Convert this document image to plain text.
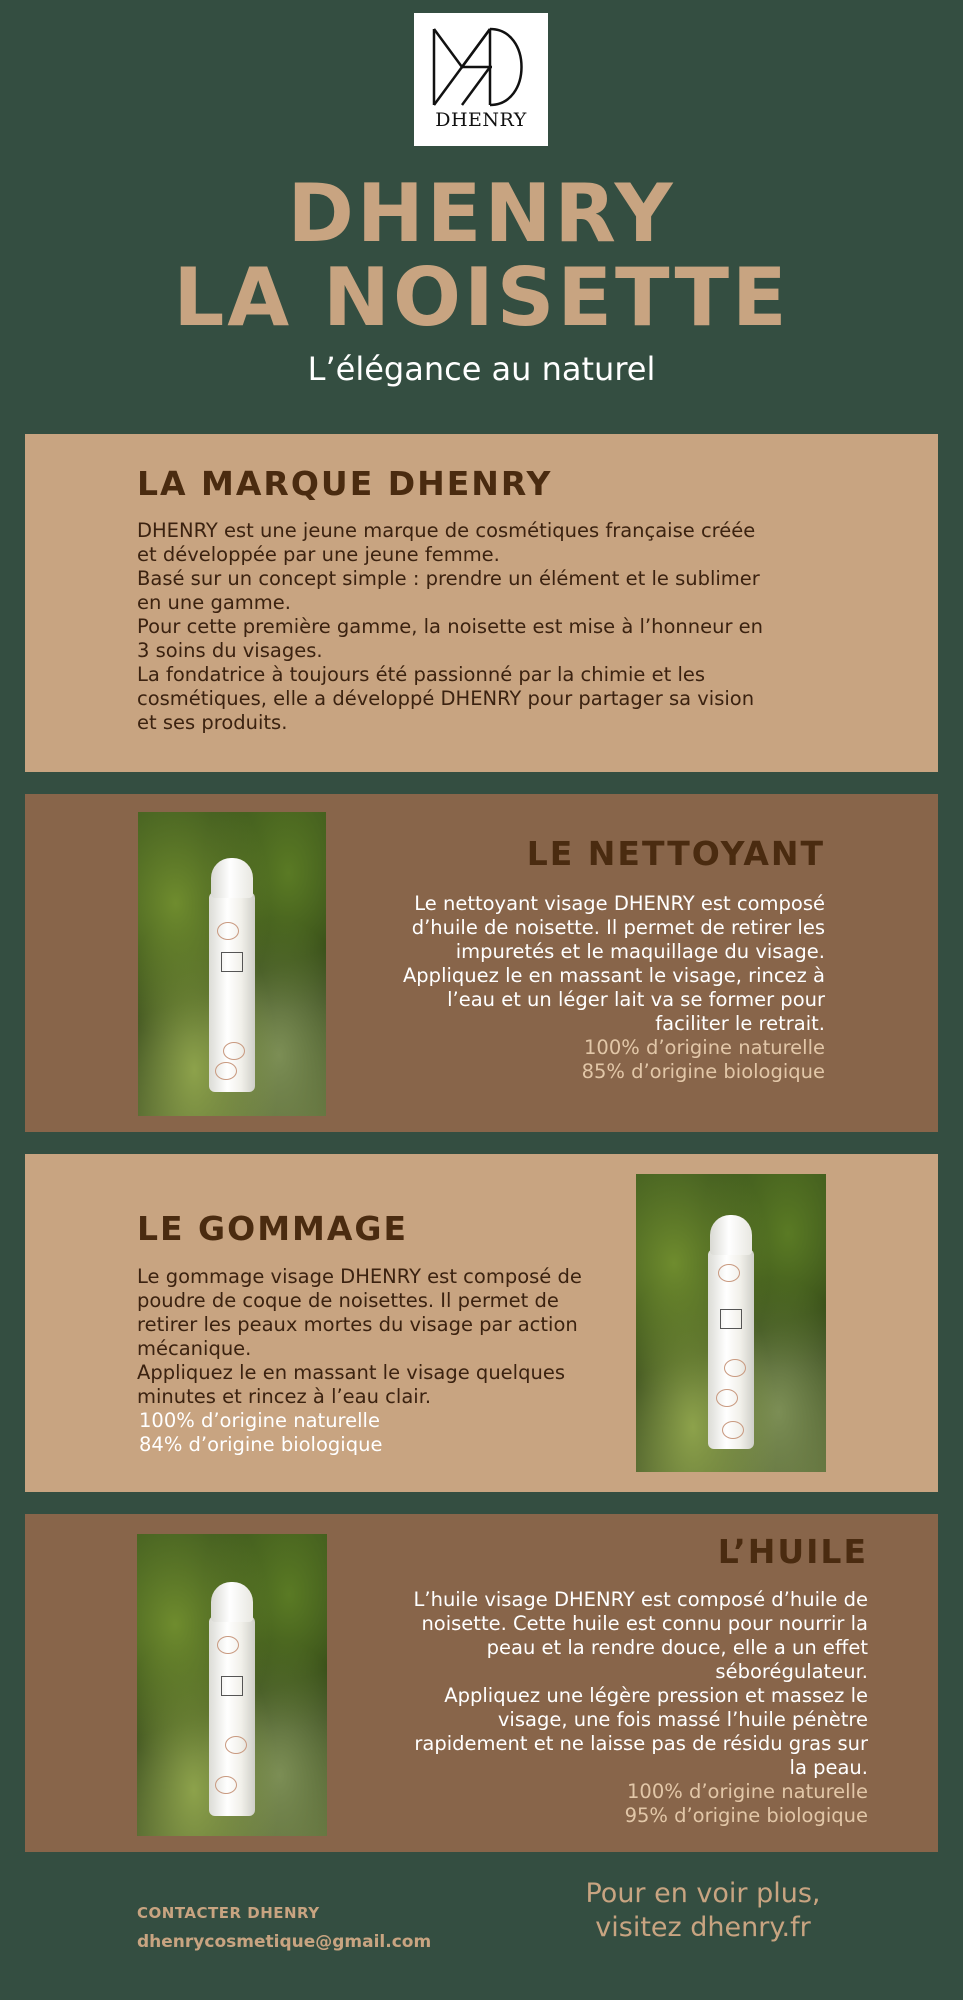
DHENRY
DHENRY
LA NOISETTE
L’élégance au naturel
LA MARQUE DHENRY
DHENRY est une jeune marque de cosmétiques française créée
et développée par une jeune femme.
Basé sur un concept simple : prendre un élément et le sublimer
en une gamme.
Pour cette première gamme, la noisette est mise à l’honneur en
3 soins du visages.
La fondatrice à toujours été passionné par la chimie et les
cosmétiques, elle a développé DHENRY pour partager sa vision
et ses produits.
LE NETTOYANT
Le nettoyant visage DHENRY est composé
d’huile de noisette. Il permet de retirer les
impuretés et le maquillage du visage.
Appliquez le en massant le visage, rincez à
l’eau et un léger lait va se former pour
faciliter le retrait.
100% d’origine naturelle
85% d’origine biologique
LE GOMMAGE
Le gommage visage DHENRY est composé de
poudre de coque de noisettes. Il permet de
retirer les peaux mortes du visage par action
mécanique.
Appliquez le en massant le visage quelques
minutes et rincez à l’eau clair.
100% d’origine naturelle
84% d’origine biologique
L’HUILE
L’huile visage DHENRY est composé d’huile de
noisette. Cette huile est connu pour nourrir la
peau et la rendre douce, elle a un effet
séborégulateur.
Appliquez une légère pression et massez le
visage, une fois massé l’huile pénètre
rapidement et ne laisse pas de résidu gras sur
la peau.
100% d’origine naturelle
95% d’origine biologique
CONTACTER DHENRY
dhenrycosmetique@gmail.com
Pour en voir plus,
visitez dhenry.fr
